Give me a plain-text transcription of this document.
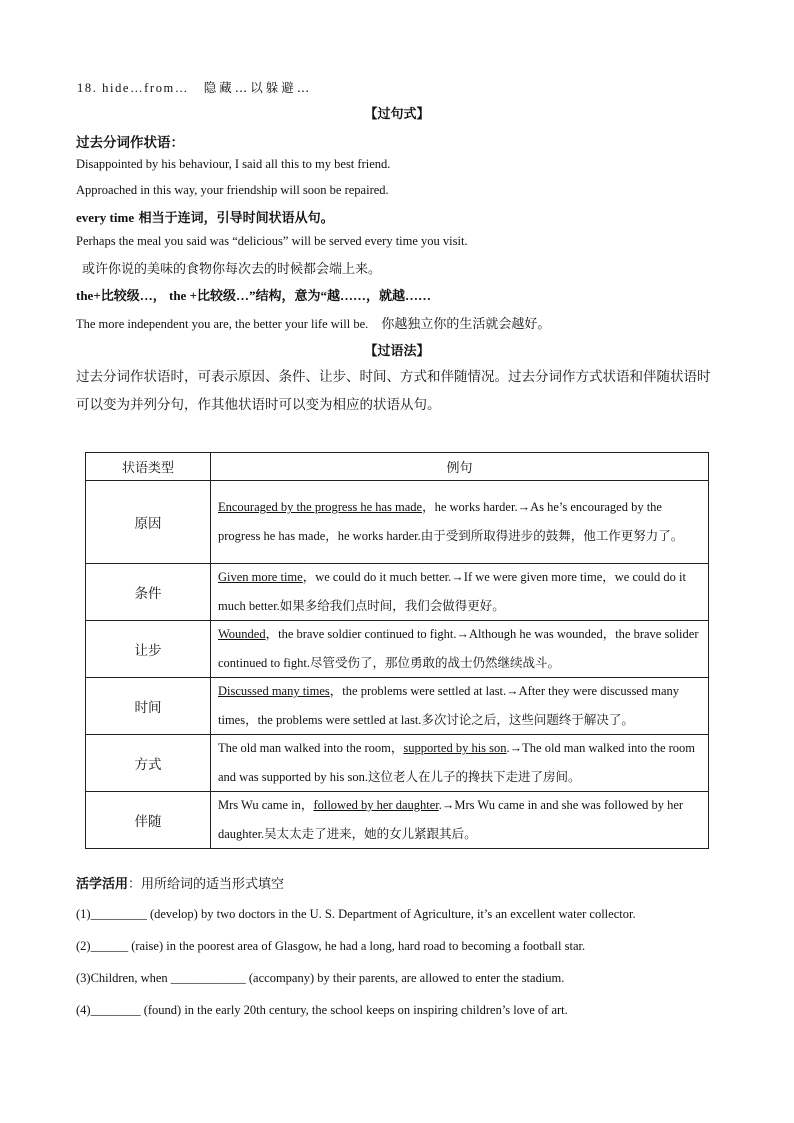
18. hide…from… 隐藏…以躲避…
【过句式】
过去分词作状语：
Disappointed by his behaviour, I said all this to my best friend.
Approached in this way, your friendship will soon be repaired.
every time 相当于连词，引导时间状语从句。
Perhaps the meal you said was “delicious” will be served every time you visit.
或许你说的美味的食物你每次去的时候都会端上来。
the+比较级…， the +比较级…”结构，意为“越……，就越……
The more independent you are, the better your life will be. 你越独立你的生活就会越好。
【过语法】
过去分词作状语时，可表示原因、条件、让步、时间、方式和伴随情况。过去分词作方式状语和伴随状语时可以变为并列分句，作其他状语时可以变为相应的状语从句。
状语类型	例句
原因	Encouraged by the progress he has made，he works harder.→As he’s encouraged by the progress he has made，he works harder.由于受到所取得进步的鼓舞，他工作更努力了。
条件	Given more time，we could do it much better.→If we were given more time，we could do it much better.如果多给我们点时间，我们会做得更好。
让步	Wounded，the brave soldier continued to fight.→Although he was wounded，the brave solider continued to fight.尽管受伤了，那位勇敢的战士仍然继续战斗。
时间	Discussed many times，the problems were settled at last.→After they were discussed many times，the problems were settled at last.多次讨论之后，这些问题终于解决了。
方式	The old man walked into the room，supported by his son.→The old man walked into the room and was supported by his son.这位老人在儿子的搀扶下走进了房间。
伴随	Mrs Wu came in，followed by her daughter.→Mrs Wu came in and she was followed by her daughter.吴太太走了进来，她的女儿紧跟其后。
活学活用：用所给词的适当形式填空
(1)_________ (develop) by two doctors in the U. S. Department of Agriculture, it’s an excellent water collector.
(2)______ (raise) in the poorest area of Glasgow, he had a long, hard road to becoming a football star.
(3)Children, when ____________ (accompany) by their parents, are allowed to enter the stadium.
(4)________ (found) in the early 20th century, the school keeps on inspiring children’s love of art.
